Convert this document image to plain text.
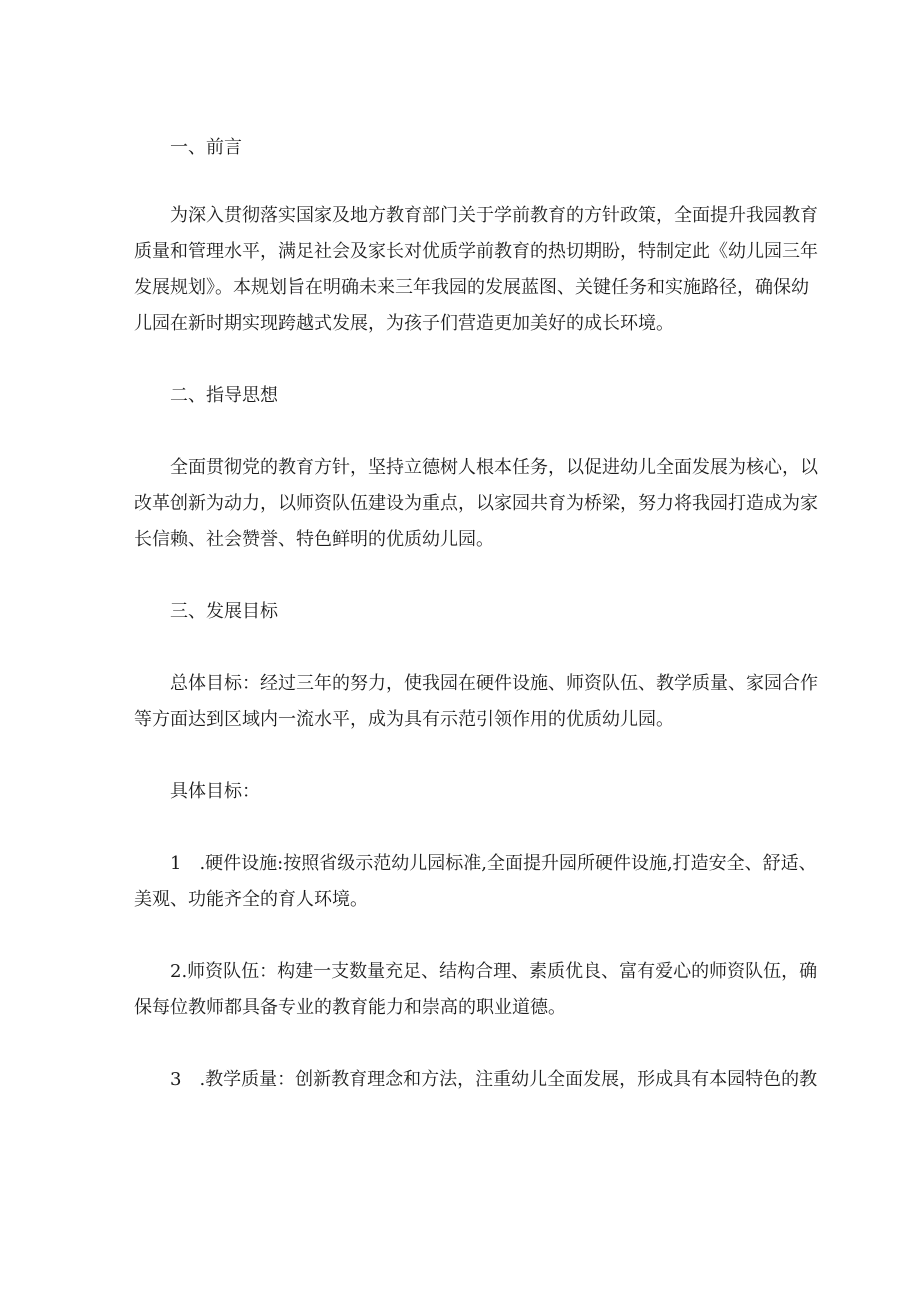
一、前言
为深入贯彻落实国家及地方教育部门关于学前教育的方针政策，全面提升我园教育
质量和管理水平，满足社会及家长对优质学前教育的热切期盼，特制定此《幼儿园三年
发展规划》。本规划旨在明确未来三年我园的发展蓝图、关键任务和实施路径，确保幼
儿园在新时期实现跨越式发展，为孩子们营造更加美好的成长环境。
二、指导思想
全面贯彻党的教育方针，坚持立德树人根本任务，以促进幼儿全面发展为核心，以
改革创新为动力，以师资队伍建设为重点，以家园共育为桥梁，努力将我园打造成为家
长信赖、社会赞誉、特色鲜明的优质幼儿园。
三、发展目标
总体目标：经过三年的努力，使我园在硬件设施、师资队伍、教学质量、家园合作
等方面达到区域内一流水平，成为具有示范引领作用的优质幼儿园。
具体目标：
1　.硬件设施:按照省级示范幼儿园标准,全面提升园所硬件设施,打造安全、舒适、
美观、功能齐全的育人环境。
2.师资队伍：构建一支数量充足、结构合理、素质优良、富有爱心的师资队伍，确
保每位教师都具备专业的教育能力和崇高的职业道德。
3　.教学质量：创新教育理念和方法，注重幼儿全面发展，形成具有本园特色的教
